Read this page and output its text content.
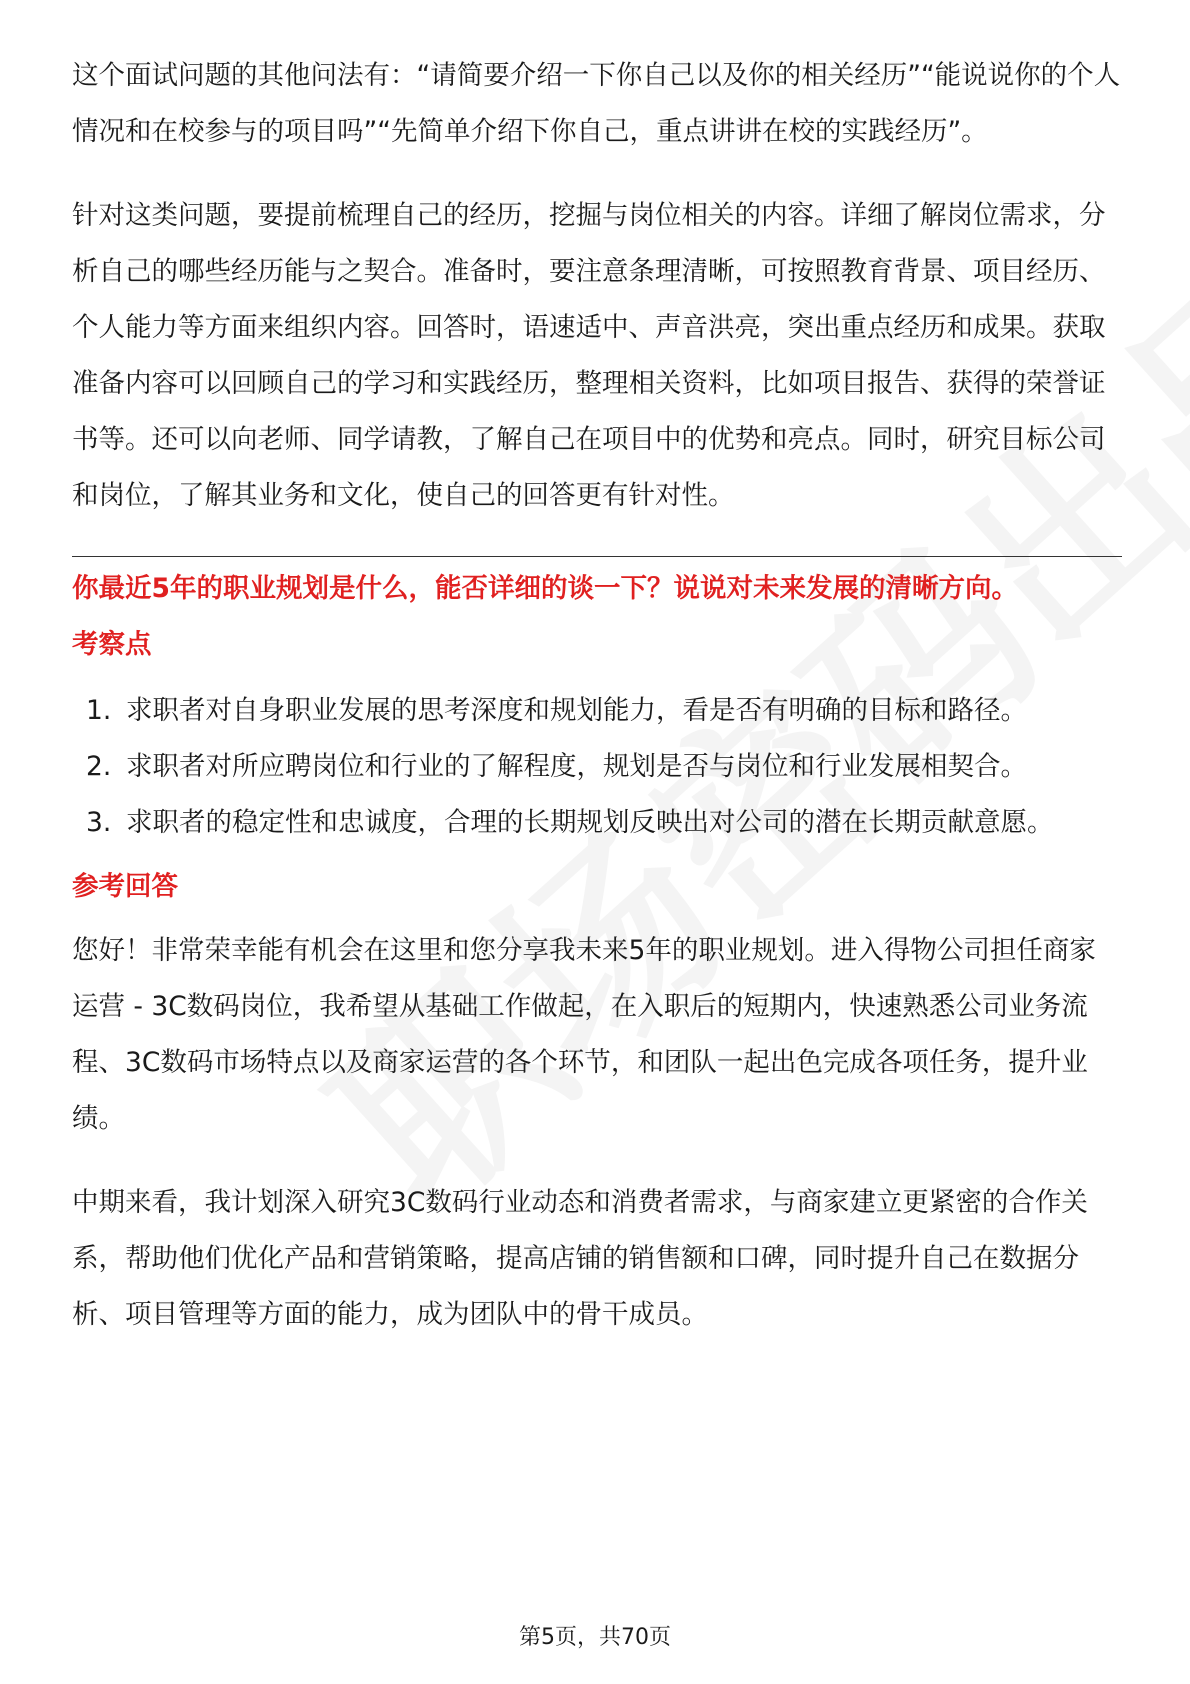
这个面试问题的其他问法有：“请简要介绍一下你自己以及你的相关经历”“能说说你的个人情况和在校参与的项目吗”“先简单介绍下你自己，重点讲讲在校的实践经历”。

针对这类问题，要提前梳理自己的经历，挖掘与岗位相关的内容。详细了解岗位需求，分析自己的哪些经历能与之契合。准备时，要注意条理清晰，可按照教育背景、项目经历、个人能力等方面来组织内容。回答时，语速适中、声音洪亮，突出重点经历和成果。获取准备内容可以回顾自己的学习和实践经历，整理相关资料，比如项目报告、获得的荣誉证书等。还可以向老师、同学请教，了解自己在项目中的优势和亮点。同时，研究目标公司和岗位，了解其业务和文化，使自己的回答更有针对性。

你最近5年的职业规划是什么，能否详细的谈一下？说说对未来发展的清晰方向。

考察点

1. 求职者对自身职业发展的思考深度和规划能力，看是否有明确的目标和路径。
2. 求职者对所应聘岗位和行业的了解程度，规划是否与岗位和行业发展相契合。
3. 求职者的稳定性和忠诚度，合理的长期规划反映出对公司的潜在长期贡献意愿。

参考回答

您好！非常荣幸能有机会在这里和您分享我未来5年的职业规划。进入得物公司担任商家运营 - 3C数码岗位，我希望从基础工作做起，在入职后的短期内，快速熟悉公司业务流程、3C数码市场特点以及商家运营的各个环节，和团队一起出色完成各项任务，提升业绩。

中期来看，我计划深入研究3C数码行业动态和消费者需求，与商家建立更紧密的合作关系，帮助他们优化产品和营销策略，提高店铺的销售额和口碑，同时提升自己在数据分析、项目管理等方面的能力，成为团队中的骨干成员。

第5页，共70页
